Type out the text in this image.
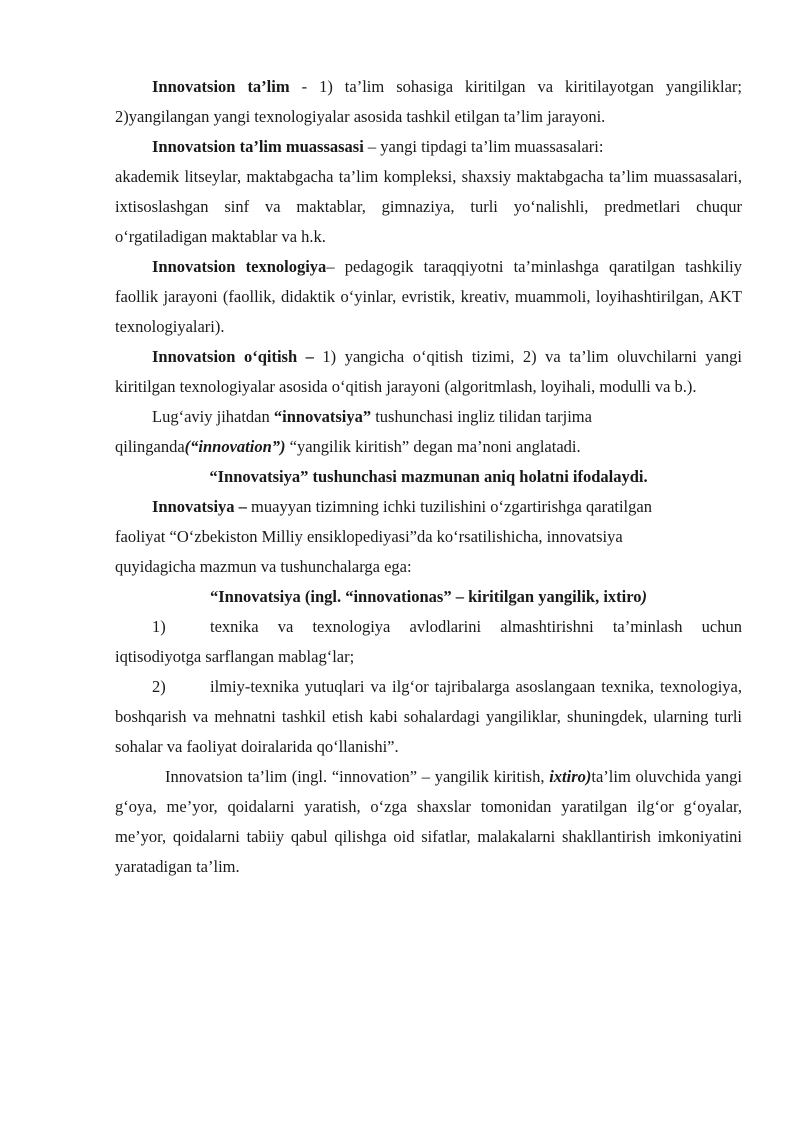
Innovatsion ta’lim - 1) ta’lim sohasiga kiritilgan va kiritilayotgan yangiliklar; 2)yangilangan yangi texnologiyalar asosida tashkil etilgan ta’lim jarayoni.

Innovatsion ta’lim muassasasi – yangi tipdagi ta’lim muassasalari:

akademik litseylar, maktabgacha ta’lim kompleksi, shaxsiy maktabgacha ta’lim muassasalari, ixtisoslashgan sinf va maktablar, gimnaziya, turli yo‘nalishli, predmetlari chuqur o‘rgatiladigan maktablar va h.k.

Innovatsion texnologiya– pedagogik taraqqiyotni ta’minlashga qaratilgan tashkiliy faollik jarayoni (faollik, didaktik o‘yinlar, evristik, kreativ, muammoli, loyihashtirilgan, AKT texnologiyalari).

Innovatsion o‘qitish – 1) yangicha o‘qitish tizimi, 2) va ta’lim oluvchilarni yangi kiritilgan texnologiyalar asosida o‘qitish jarayoni (algoritmlash, loyihali, modulli va b.).

Lug‘aviy jihatdan “innovatsiya” tushunchasi ingliz tilidan tarjima

qilinganda(“innovation”) “yangilik kiritish” degan ma’noni anglatadi.

“Innovatsiya” tushunchasi mazmunan aniq holatni ifodalaydi.

Innovatsiya – muayyan tizimning ichki tuzilishini o‘zgartirishga qaratilgan

faoliyat “O‘zbekiston Milliy ensiklopediyasi”da ko‘rsatilishicha, innovatsiya

quyidagicha mazmun va tushunchalarga ega:

“Innovatsiya (ingl. “innovationas” – kiritilgan yangilik, ixtiro)

1)	texnika va texnologiya avlodlarini almashtirishni ta’minlash uchun iqtisodiyotga sarflangan mablag‘lar;

2)	ilmiy-texnika yutuqlari va ilg‘or tajribalarga asoslangaan texnika, texnologiya, boshqarish va mehnatni tashkil etish kabi sohalardagi yangiliklar, shuningdek, ularning turli sohalar va faoliyat doiralarida qo‘llanishi”.

Innovatsion ta’lim (ingl. “innovation” – yangilik kiritish, ixtiro)ta’lim oluvchida yangi g‘oya, me’yor, qoidalarni yaratish, o‘zga shaxslar tomonidan yaratilgan ilg‘or g‘oyalar, me’yor, qoidalarni tabiiy qabul qilishga oid sifatlar, malakalarni shakllantirish imkoniyatini yaratadigan ta’lim.
